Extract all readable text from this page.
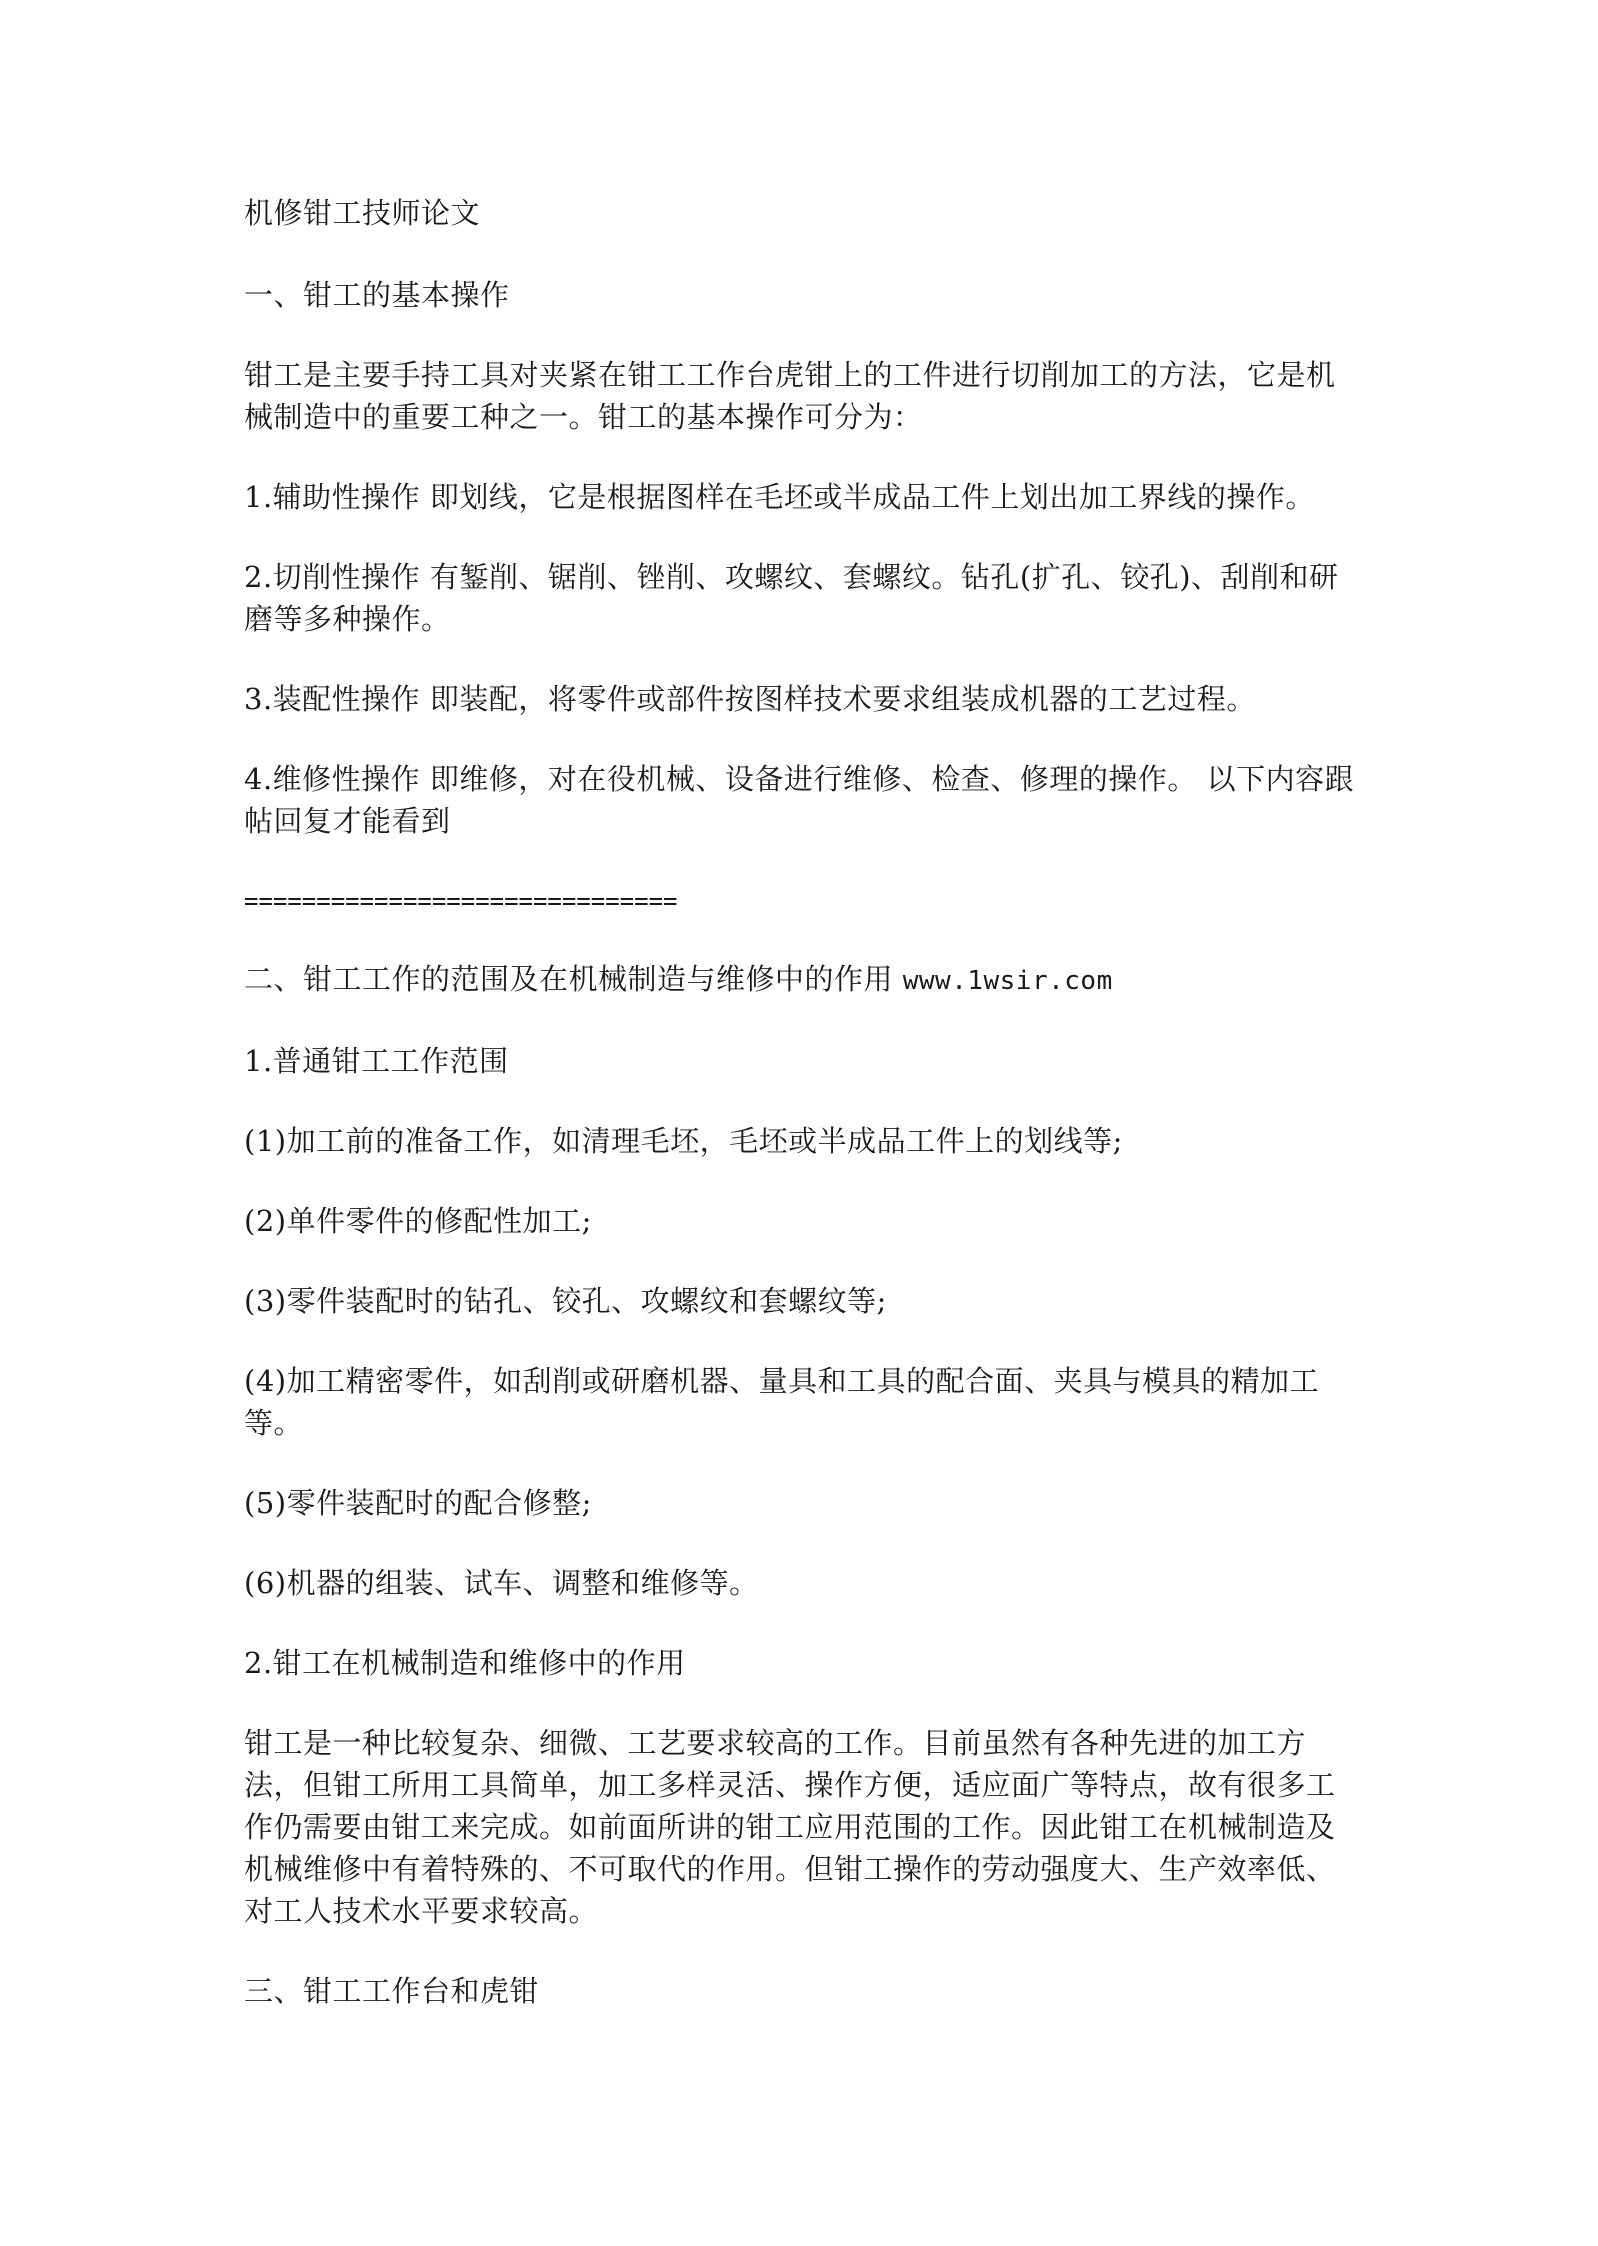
机修钳工技师论文

一、钳工的基本操作

钳工是主要手持工具对夹紧在钳工工作台虎钳上的工件进行切削加工的方法，它是机械制造中的重要工种之一。钳工的基本操作可分为：

1.辅助性操作 即划线，它是根据图样在毛坯或半成品工件上划出加工界线的操作。

2.切削性操作 有錾削、锯削、锉削、攻螺纹、套螺纹。钻孔(扩孔、铰孔)、刮削和研磨等多种操作。

3.装配性操作 即装配，将零件或部件按图样技术要求组装成机器的工艺过程。

4.维修性操作 即维修，对在役机械、设备进行维修、检查、修理的操作。 以下内容跟帖回复才能看到

==============================

二、钳工工作的范围及在机械制造与维修中的作用 www.1wsir.com

1.普通钳工工作范围

(1)加工前的准备工作，如清理毛坯，毛坯或半成品工件上的划线等;

(2)单件零件的修配性加工;

(3)零件装配时的钻孔、铰孔、攻螺纹和套螺纹等;

(4)加工精密零件，如刮削或研磨机器、量具和工具的配合面、夹具与模具的精加工等。

(5)零件装配时的配合修整;

(6)机器的组装、试车、调整和维修等。

2.钳工在机械制造和维修中的作用

钳工是一种比较复杂、细微、工艺要求较高的工作。目前虽然有各种先进的加工方法，但钳工所用工具简单，加工多样灵活、操作方便，适应面广等特点，故有很多工作仍需要由钳工来完成。如前面所讲的钳工应用范围的工作。因此钳工在机械制造及机械维修中有着特殊的、不可取代的作用。但钳工操作的劳动强度大、生产效率低、对工人技术水平要求较高。

三、钳工工作台和虎钳
